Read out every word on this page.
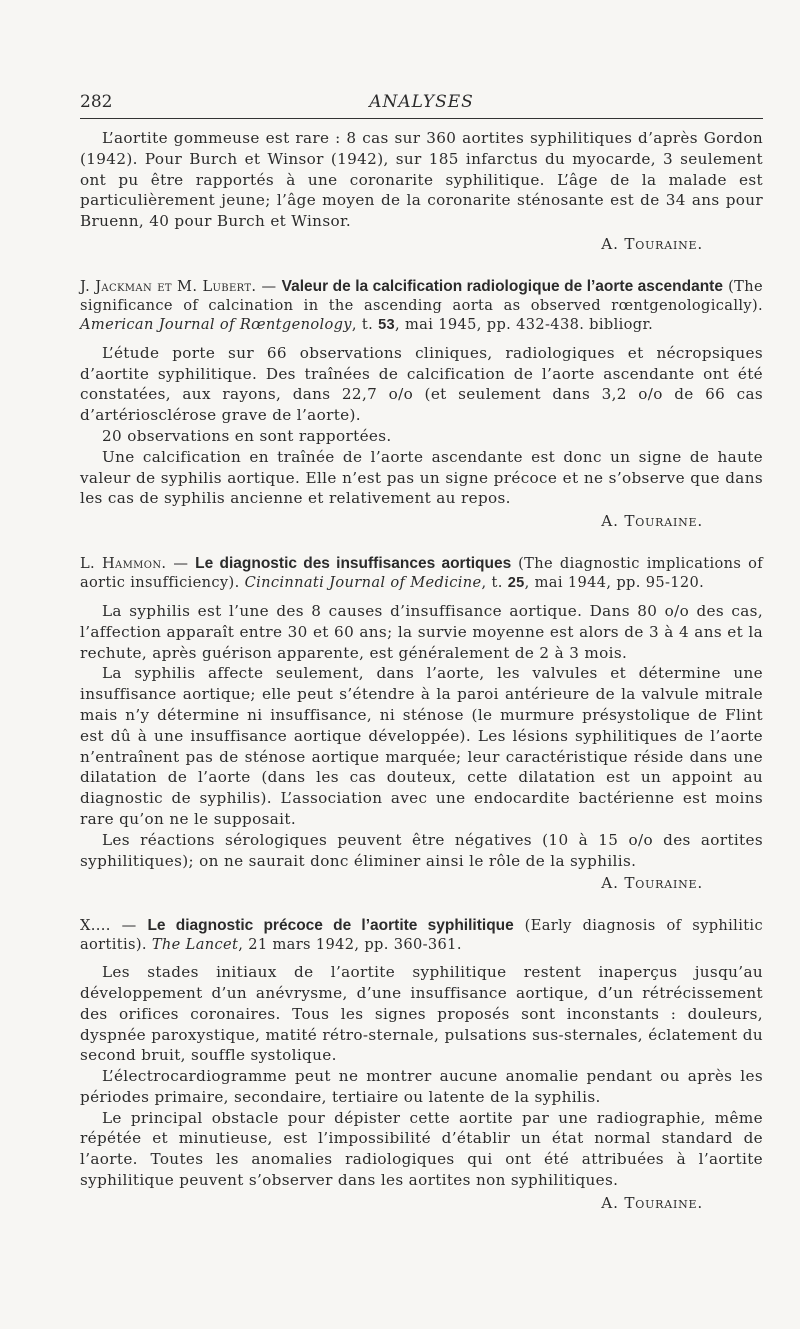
282	ANALYSES

L’aortite gommeuse est rare : 8 cas sur 360 aortites syphilitiques d’après Gordon (1942). Pour Burch et Winsor (1942), sur 185 infarctus du myocarde, 3 seulement ont pu être rapportés à une coronarite syphilitique. L’âge de la malade est particulièrement jeune; l’âge moyen de la coronarite sténosante est de 34 ans pour Bruenn, 40 pour Burch et Winsor.

A. Touraine.

J. Jackman et M. Lubert. — Valeur de la calcification radiologique de l’aorte ascendante (The significance of calcination in the ascending aorta as observed rœntgenologically). American Journal of Rœntgenology, t. 53, mai 1945, pp. 432-438. bibliogr.

L’étude porte sur 66 observations cliniques, radiologiques et nécropsiques d’aortite syphilitique. Des traînées de calcification de l’aorte ascendante ont été constatées, aux rayons, dans 22,7 o/o (et seulement dans 3,2 o/o de 66 cas d’artériosclérose grave de l’aorte).

20 observations en sont rapportées.

Une calcification en traînée de l’aorte ascendante est donc un signe de haute valeur de syphilis aortique. Elle n’est pas un signe précoce et ne s’observe que dans les cas de syphilis ancienne et relativement au repos.

A. Touraine.

L. Hammon. — Le diagnostic des insuffisances aortiques (The diagnostic implications of aortic insufficiency). Cincinnati Journal of Medicine, t. 25, mai 1944, pp. 95-120.

La syphilis est l’une des 8 causes d’insuffisance aortique. Dans 80 o/o des cas, l’affection apparaît entre 30 et 60 ans; la survie moyenne est alors de 3 à 4 ans et la rechute, après guérison apparente, est généralement de 2 à 3 mois.

La syphilis affecte seulement, dans l’aorte, les valvules et détermine une insuffisance aortique; elle peut s’étendre à la paroi antérieure de la valvule mitrale mais n’y détermine ni insuffisance, ni sténose (le murmure présystolique de Flint est dû à une insuffisance aortique développée). Les lésions syphilitiques de l’aorte n’entraînent pas de sténose aortique marquée; leur caractéristique réside dans une dilatation de l’aorte (dans les cas douteux, cette dilatation est un appoint au diagnostic de syphilis). L’association avec une endocardite bactérienne est moins rare qu’on ne le supposait.

Les réactions sérologiques peuvent être négatives (10 à 15 o/o des aortites syphilitiques); on ne saurait donc éliminer ainsi le rôle de la syphilis.

A. Touraine.

X.... — Le diagnostic précoce de l’aortite syphilitique (Early diagnosis of syphilitic aortitis). The Lancet, 21 mars 1942, pp. 360-361.

Les stades initiaux de l’aortite syphilitique restent inaperçus jusqu’au développement d’un anévrysme, d’une insuffisance aortique, d’un rétrécissement des orifices coronaires. Tous les signes proposés sont inconstants : douleurs, dyspnée paroxystique, matité rétro-sternale, pulsations sus-sternales, éclatement du second bruit, souffle systolique.

L’électrocardiogramme peut ne montrer aucune anomalie pendant ou après les périodes primaire, secondaire, tertiaire ou latente de la syphilis.

Le principal obstacle pour dépister cette aortite par une radiographie, même répétée et minutieuse, est l’impossibilité d’établir un état normal standard de l’aorte. Toutes les anomalies radiologiques qui ont été attribuées à l’aortite syphilitique peuvent s’observer dans les aortites non syphilitiques.

A. Touraine.
